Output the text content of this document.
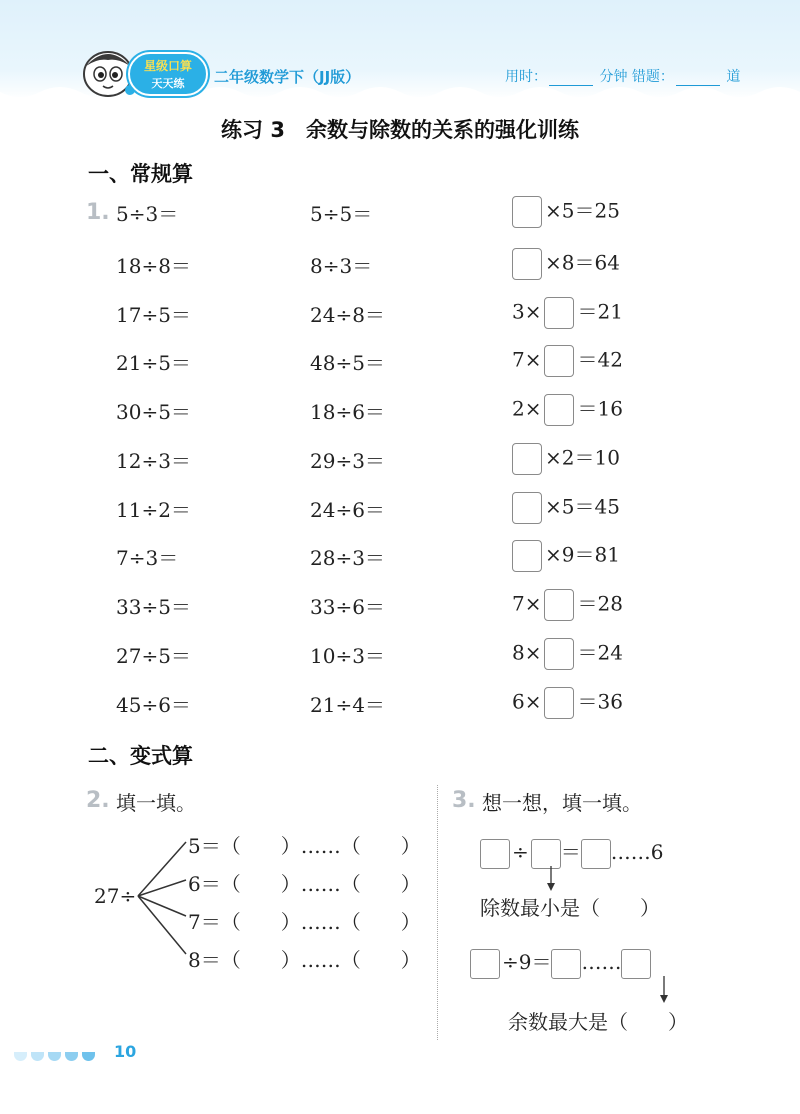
星级口算
天天练	二年级数学下（JJ版）	用时：	分钟 错题：	道
练习 3　余数与除数的关系的强化训练
一、常规算
1. 5÷3＝	5÷5＝	×5＝25
18÷8＝	8÷3＝	×8＝64
17÷5＝	24÷8＝	3× ＝21
21÷5＝	48÷5＝	7× ＝42
30÷5＝	18÷6＝	2× ＝16
12÷3＝	29÷3＝	×2＝10
11÷2＝	24÷6＝	×5＝45
7÷3＝	28÷3＝	×9＝81
33÷5＝	33÷6＝	7× ＝28
27÷5＝	10÷3＝	8× ＝24
45÷6＝	21÷4＝	6× ＝36
二、变式算
2. 填一填。
27÷
5＝（　　）……（　　）
6＝（　　）……（　　）
7＝（　　）……（　　）
8＝（　　）……（　　）
3. 想一想，填一填。
÷ ＝ ……6
除数最小是（　　）
÷9＝ ……
余数最大是（　　）
10
